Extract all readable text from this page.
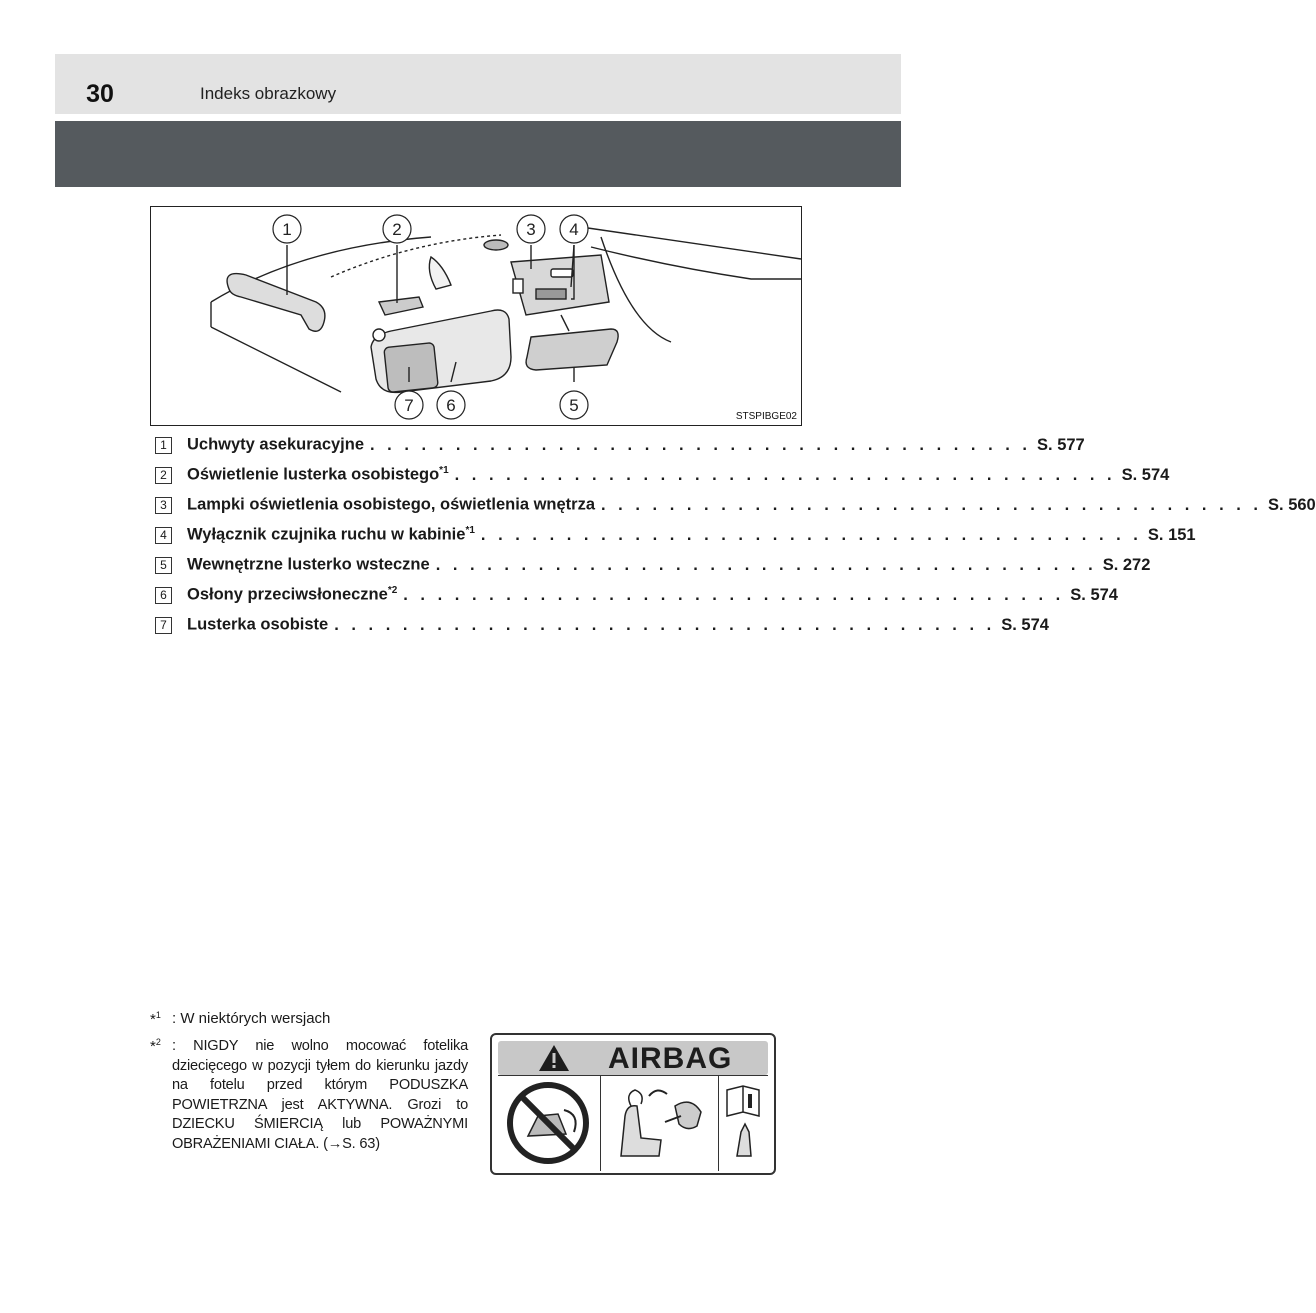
30	Indeks obrazkowy
1	2	3 4
7 6	5
STSPIBGE02
1	Uchwyty asekuracyjne . . . . . . . . . . . . . . . . . . . . . . . . . . . . . . . . . . . . . . . S. 577
2	Oświetlenie lusterka osobistego$^{*1}$ . . . . . . . . . . . . . . . . . . . . . . . . . . . . . . . . . . . . . . . S. 574
3	Lampki oświetlenia osobistego, oświetlenia wnętrza . . . . . . . . . . . . . . . . . . . . . . . . . . . . . . . . . . . . . . . S. 560
4	Wyłącznik czujnika ruchu w kabinie$^{*1}$ . . . . . . . . . . . . . . . . . . . . . . . . . . . . . . . . . . . . . . . S. 151
5	Wewnętrzne lusterko wsteczne . . . . . . . . . . . . . . . . . . . . . . . . . . . . . . . . . . . . . . . S. 272
6	Osłony przeciwsłoneczne$^{*2}$ . . . . . . . . . . . . . . . . . . . . . . . . . . . . . . . . . . . . . . . S. 574
7	Lusterka osobiste . . . . . . . . . . . . . . . . . . . . . . . . . . . . . . . . . . . . . . . S. 574
*$^1$ : W niektórych wersjach
*$^2$ : NIGDY nie wolno mocować fotelika dziecięcego w pozycji tyłem do kierunku jazdy na fotelu przed którym PODUSZKA POWIETRZNA jest AKTYWNA. Grozi to DZIECKU ŚMIERCIĄ lub POWAŻNYMI OBRAŻENIAMI CIAŁA. (→S. 63)
AIRBAG
